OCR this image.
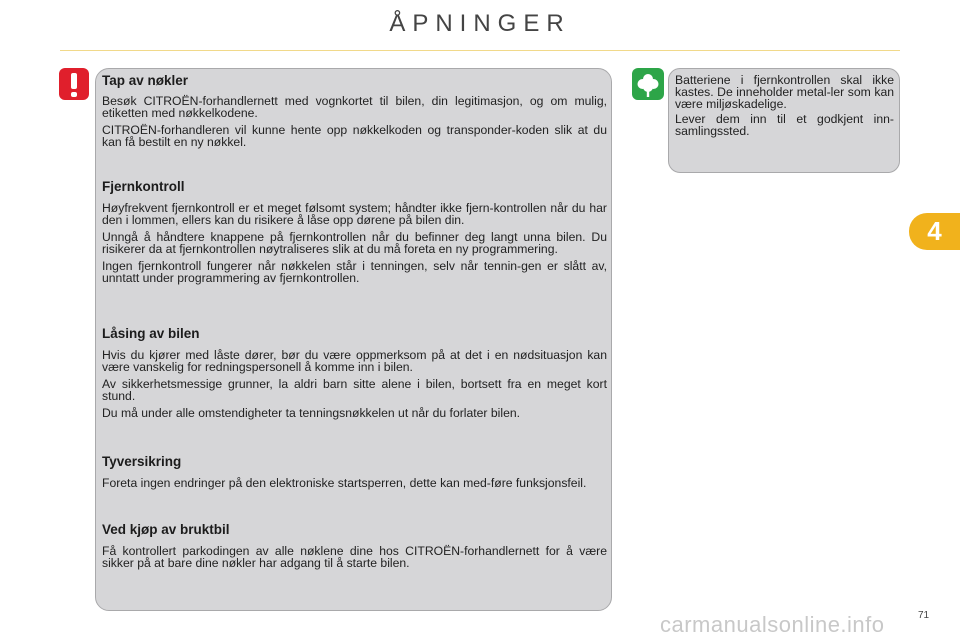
ÅPNINGER
Tap av nøkler

Besøk CITROËN-forhandlernett med vognkortet til bilen, din legitimasjon, og om mulig, etiketten med nøkkelkodene.

CITROËN-forhandleren vil kunne hente opp nøkkelkoden og transponder-koden slik at du kan få bestilt en ny nøkkel.

Fjernkontroll

Høyfrekvent fjernkontroll er et meget følsomt system; håndter ikke fjern-kontrollen når du har den i lommen, ellers kan du risikere å låse opp dørene på bilen din.

Unngå å håndtere knappene på fjernkontrollen når du befinner deg langt unna bilen. Du risikerer da at fjernkontrollen nøytraliseres slik at du må foreta en ny programmering.

Ingen fjernkontroll fungerer når nøkkelen står i tenningen, selv når tennin-gen er slått av, unntatt under programmering av fjernkontrollen.

Låsing av bilen

Hvis du kjører med låste dører, bør du være oppmerksom på at det i en nødsituasjon kan være vanskelig for redningspersonell å komme inn i bilen.

Av sikkerhetsmessige grunner, la aldri barn sitte alene i bilen, bortsett fra en meget kort stund.

Du må under alle omstendigheter ta tenningsnøkkelen ut når du forlater bilen.

Tyversikring

Foreta ingen endringer på den elektroniske startsperren, dette kan med-føre funksjonsfeil.

Ved kjøp av bruktbil

Få kontrollert parkodingen av alle nøklene dine hos CITROËN-forhandlernett for å være sikker på at bare dine nøkler har adgang til å starte bilen.

Batteriene i fjernkontrollen skal ikke kastes. De inneholder metal-ler som kan være miljøskadelige.

Lever dem inn til et godkjent inn-samlingssted.

4
carmanualsonline.info	71
